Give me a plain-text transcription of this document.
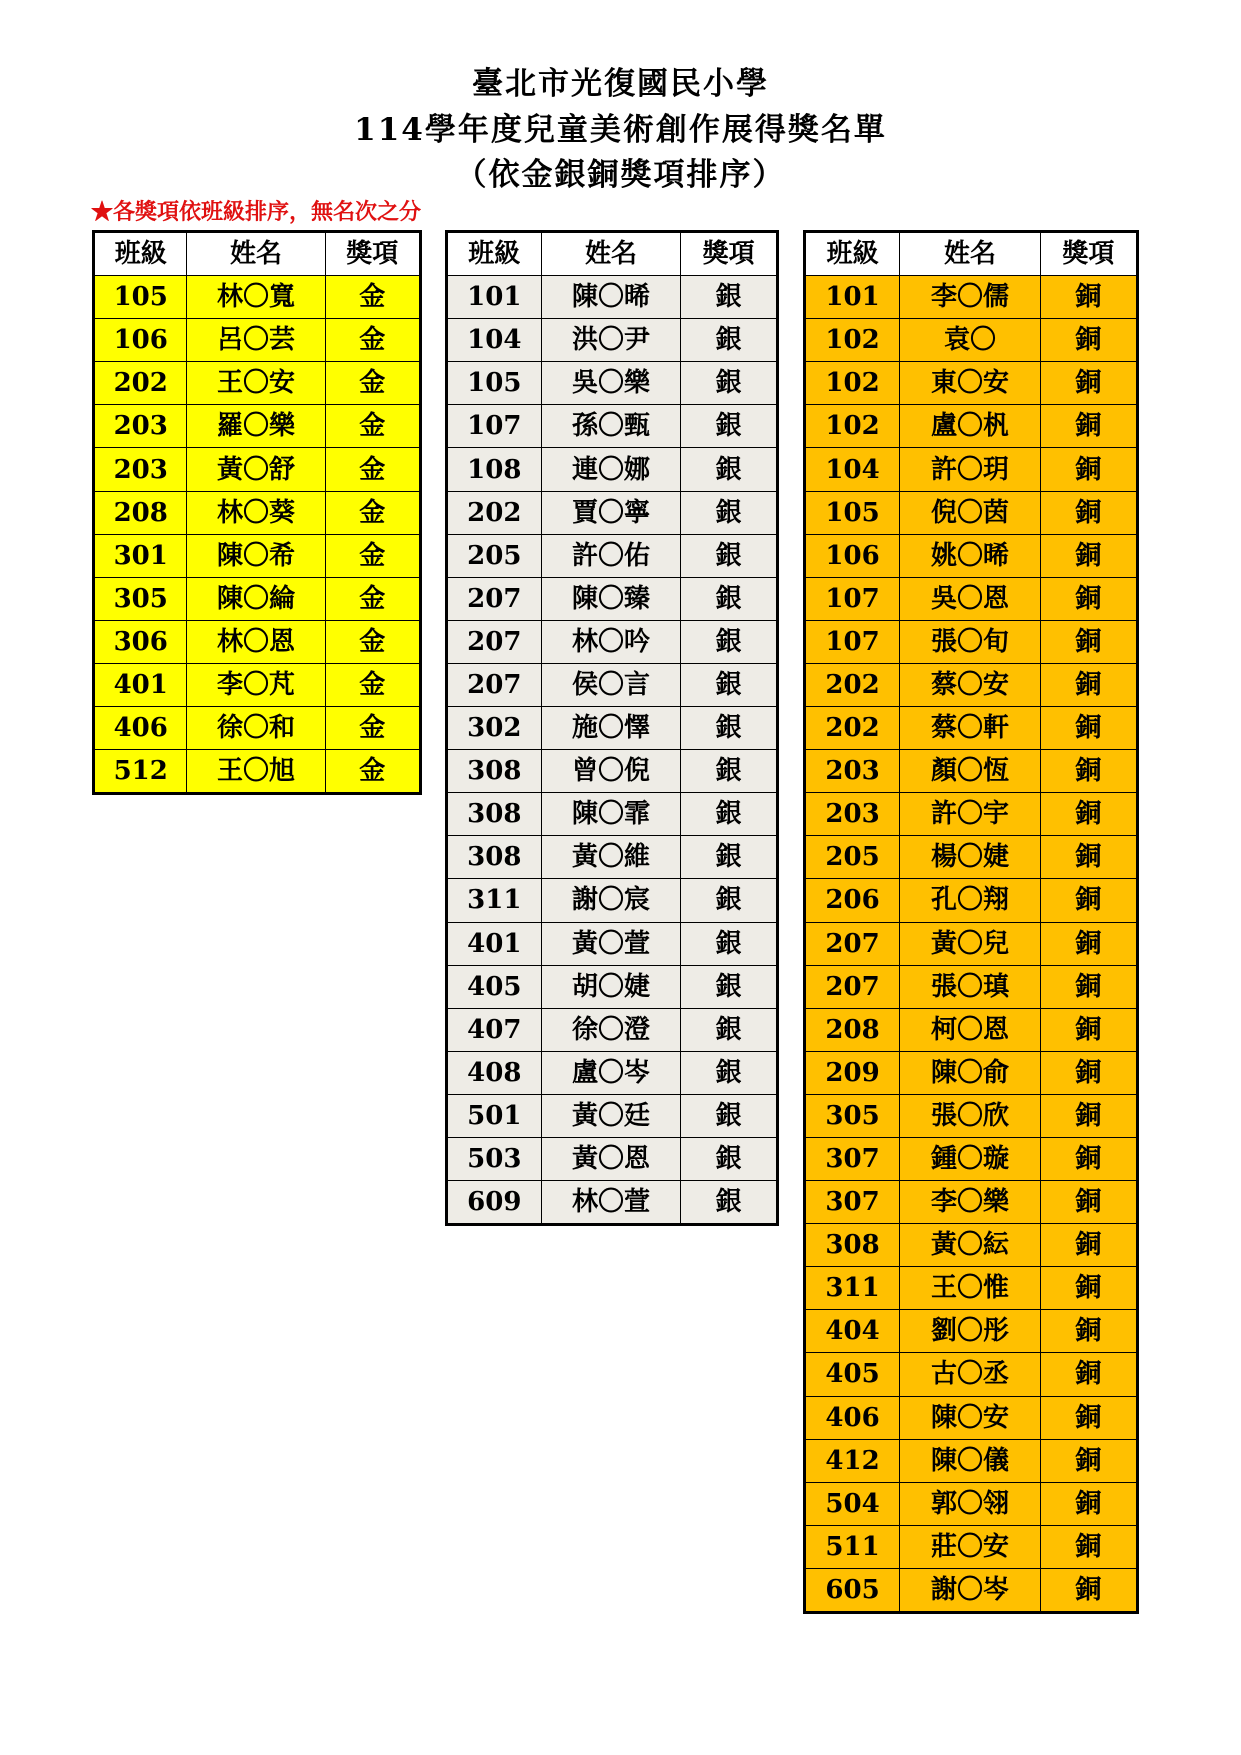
臺北市光復國民小學
114學年度兒童美術創作展得獎名單
（依金銀銅獎項排序）
★各獎項依班級排序，無名次之分
班級	姓名	獎項
105	林〇寬	金
106	呂〇芸	金
202	王〇安	金
203	羅〇樂	金
203	黃〇舒	金
208	林〇葵	金
301	陳〇希	金
305	陳〇綸	金
306	林〇恩	金
401	李〇芃	金
406	徐〇和	金
512	王〇旭	金
班級	姓名	獎項
101	陳〇晞	銀
104	洪〇尹	銀
105	吳〇樂	銀
107	孫〇甄	銀
108	連〇娜	銀
202	賈〇寧	銀
205	許〇佑	銀
207	陳〇臻	銀
207	林〇吟	銀
207	侯〇言	銀
302	施〇懌	銀
308	曾〇倪	銀
308	陳〇霏	銀
308	黃〇維	銀
311	謝〇宸	銀
401	黃〇萱	銀
405	胡〇婕	銀
407	徐〇澄	銀
408	盧〇岑	銀
501	黃〇廷	銀
503	黃〇恩	銀
609	林〇萱	銀
班級	姓名	獎項
101	李〇儒	銅
102	袁〇	銅
102	東〇安	銅
102	盧〇杋	銅
104	許〇玥	銅
105	倪〇茵	銅
106	姚〇晞	銅
107	吳〇恩	銅
107	張〇旬	銅
202	蔡〇安	銅
202	蔡〇軒	銅
203	顏〇恆	銅
203	許〇宇	銅
205	楊〇婕	銅
206	孔〇翔	銅
207	黃〇兒	銅
207	張〇瑱	銅
208	柯〇恩	銅
209	陳〇俞	銅
305	張〇欣	銅
307	鍾〇璇	銅
307	李〇樂	銅
308	黃〇紜	銅
311	王〇惟	銅
404	劉〇彤	銅
405	古〇丞	銅
406	陳〇安	銅
412	陳〇儀	銅
504	郭〇翎	銅
511	莊〇安	銅
605	謝〇岑	銅
